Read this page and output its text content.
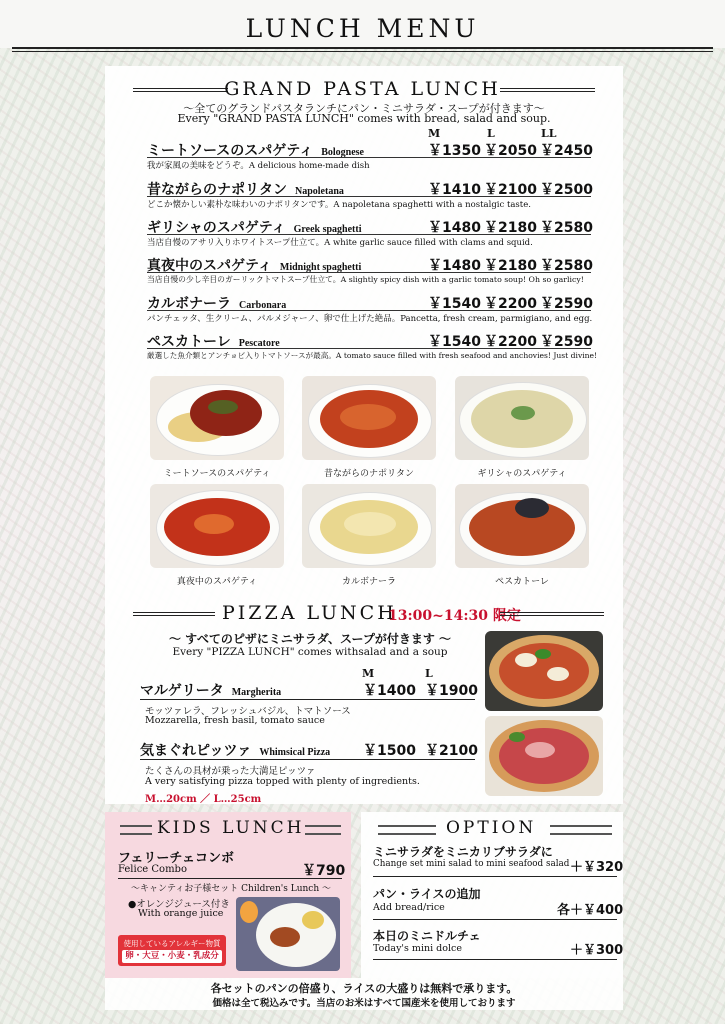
LUNCH MENU
GRAND PASTA LUNCH
～全てのグランドパスタランチにパン・ミニサラダ・スープが付きます～
Every "GRAND PASTA LUNCH" comes with bread, salad and soup.
M	L	LL
ミートソースのスパゲティ Bolognese	￥1350 ￥2050 ￥2450
我が家風の美味をどうぞ。A delicious home-made dish
昔ながらのナポリタン Napoletana	￥1410 ￥2100 ￥2500
どこか懐かしい素朴な味わいのナポリタンです。A napoletana spaghetti with a nostalgic taste.
ギリシャのスパゲティ Greek spaghetti	￥1480 ￥2180 ￥2580
当店自慢のアサリ入りホワイトスープ仕立て。A white garlic sauce filled with clams and squid.
真夜中のスパゲティ Midnight spaghetti	￥1480 ￥2180 ￥2580
当店自慢の少し辛目のガーリックトマトスープ仕立て。A slightly spicy dish with a garlic tomato soup! Oh so garlicy!
カルボナーラ Carbonara	￥1540 ￥2200 ￥2590
パンチェッタ、生クリーム、パルメジャーノ、卵で仕上げた絶品。Pancetta, fresh cream, parmigiano, and egg.
ペスカトーレ Pescatore	￥1540 ￥2200 ￥2590
厳選した魚介類とアンチョビ入りトマトソースが最高。A tomato sauce filled with fresh seafood and anchovies! Just divine!
ミートソースのスパゲティ	昔ながらのナポリタン	ギリシャのスパゲティ
真夜中のスパゲティ	カルボナーラ	ペスカトーレ
PIZZA LUNCH
13:00~14:30 限定
～ すべてのピザにミニサラダ、スープが付きます ～
Every "PIZZA LUNCH" comes withsalad and a soup
M	L
マルゲリータ Margherita	￥1400 ￥1900
モッツァレラ、フレッシュバジル、トマトソース
Mozzarella, fresh basil, tomato sauce
気まぐれピッツァ Whimsical Pizza ￥1500 ￥2100
たくさんの具材が乗った大満足ピッツァ
A very satisfying pizza topped with plenty of ingredients.
M…20cm ／ L…25cm
KIDS LUNCH
フェリーチェコンボ
Felice Combo	￥790
～キャンティお子様セット Children's Lunch ～
●オレンジジュース付き
With orange juice
使用しているアレルギー物質
卵・大豆・小麦・乳成分
OPTION
ミニサラダをミニカリブサラダに
Change set mini salad to mini seafood salad ＋￥320
パン・ライスの追加
Add bread/rice	各＋￥400
本日のミニドルチェ
Today's mini dolce	＋￥300
各セットのパンの倍盛り、ライスの大盛りは無料で承ります。
価格は全て税込みです。当店のお米はすべて国産米を使用しております
